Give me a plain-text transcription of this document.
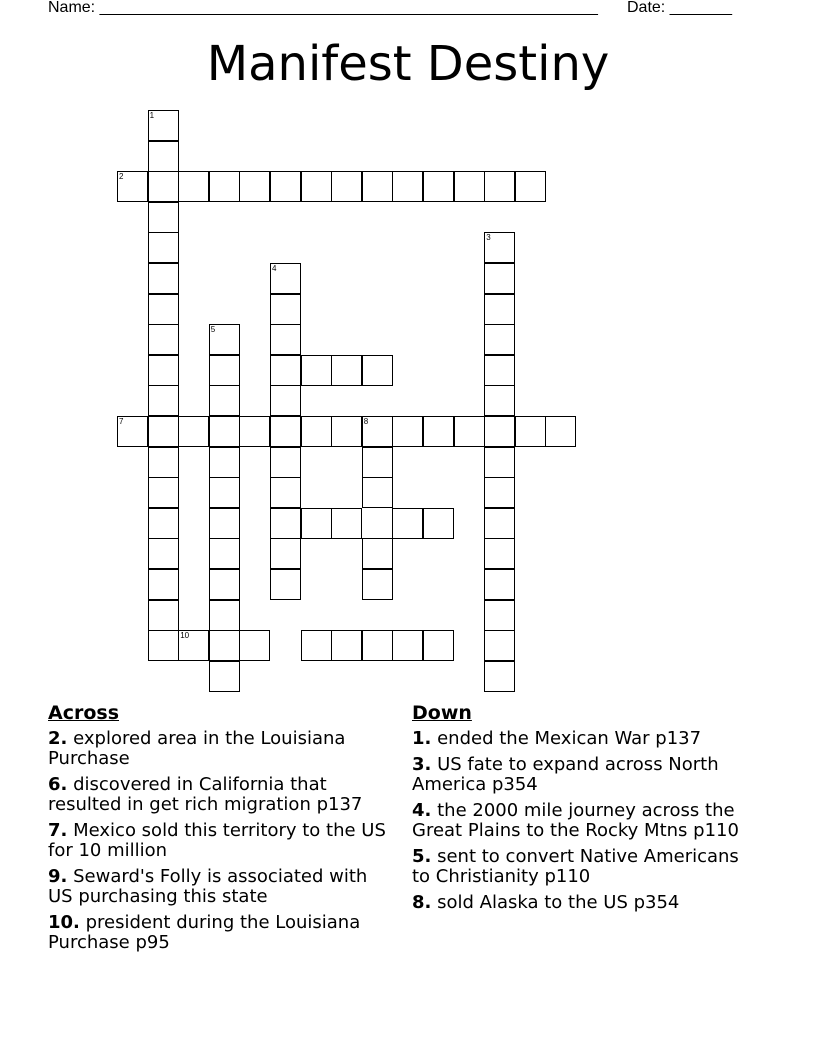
Name: ________________________________________________________ Date: _______
Manifest Destiny
1
2
3
4
5
7	8
10
Across
2. explored area in the Louisiana Purchase
6. discovered in California that resulted in get rich migration p137
7. Mexico sold this territory to the US for 10 million
9. Seward's Folly is associated with US purchasing this state
10. president during the Louisiana Purchase p95
Down
1. ended the Mexican War p137
3. US fate to expand across North America p354
4. the 2000 mile journey across the Great Plains to the Rocky Mtns p110
5. sent to convert Native Americans to Christianity p110
8. sold Alaska to the US p354
